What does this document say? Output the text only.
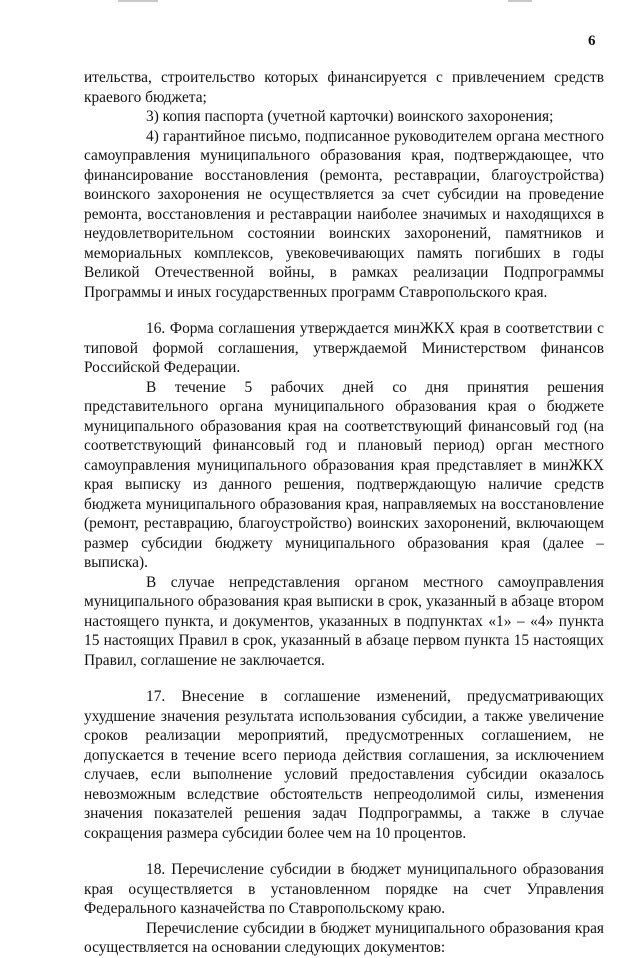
6

ительства, строительство которых финансируется с привлечением средств краевого бюджета;

3) копия паспорта (учетной карточки) воинского захоронения;

4) гарантийное письмо, подписанное руководителем органа местного самоуправления муниципального образования края, подтверждающее, что финансирование восстановления (ремонта, реставрации, благоустройства) воинского захоронения не осуществляется за счет субсидии на проведение ремонта, восстановления и реставрации наиболее значимых и находящихся в неудовлетворительном состоянии воинских захоронений, памятников и мемориальных комплексов, увековечивающих память погибших в годы Великой Отечественной войны, в рамках реализации Подпрограммы Программы и иных государственных программ Ставропольского края.

16. Форма соглашения утверждается минЖКХ края в соответствии с типовой формой соглашения, утверждаемой Министерством финансов Российской Федерации.

В течение 5 рабочих дней со дня принятия решения представительного органа муниципального образования края о бюджете муниципального образования края на соответствующий финансовый год (на соответствующий финансовый год и плановый период) орган местного самоуправления муниципального образования края представляет в минЖКХ края выписку из данного решения, подтверждающую наличие средств бюджета муниципального образования края, направляемых на восстановление (ремонт, реставрацию, благоустройство) воинских захоронений, включающем размер субсидии бюджету муниципального образования края (далее – выписка).

В случае непредставления органом местного самоуправления муниципального образования края выписки в срок, указанный в абзаце втором настоящего пункта, и документов, указанных в подпунктах «1» – «4» пункта 15 настоящих Правил в срок, указанный в абзаце первом пункта 15 настоящих Правил, соглашение не заключается.

17. Внесение в соглашение изменений, предусматривающих ухудшение значения результата использования субсидии, а также увеличение сроков реализации мероприятий, предусмотренных соглашением, не допускается в течение всего периода действия соглашения, за исключением случаев, если выполнение условий предоставления субсидии оказалось невозможным вследствие обстоятельств непреодолимой силы, изменения значения показателей решения задач Подпрограммы, а также в случае сокращения размера субсидии более чем на 10 процентов.

18. Перечисление субсидии в бюджет муниципального образования края осуществляется в установленном порядке на счет Управления Федерального казначейства по Ставропольскому краю.

Перечисление субсидии в бюджет муниципального образования края осуществляется на основании следующих документов:
